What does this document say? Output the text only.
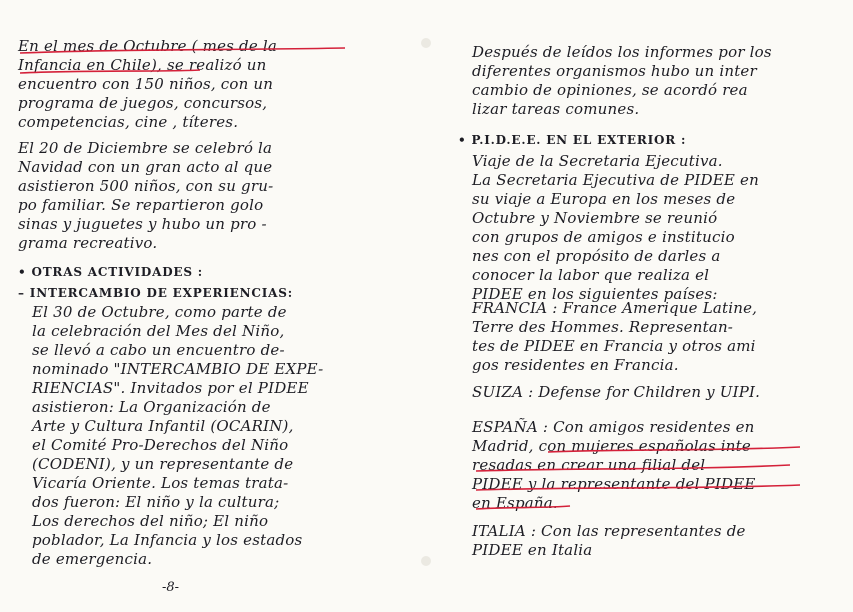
En el mes de Octubre ( mes de la
Infancia en Chile), se realizó un
encuentro con 150 niños, con un
programa de juegos, concursos,
competencias, cine , títeres.
El 20 de Diciembre se celebró la
Navidad con un gran acto al que
asistieron 500 niños, con su gru-
po familiar. Se repartieron golo
sinas y juguetes y hubo un pro -
grama recreativo.
• OTRAS ACTIVIDADES :
– INTERCAMBIO DE EXPERIENCIAS:
El 30 de Octubre, como parte de
la celebración del Mes del Niño,
se llevó a cabo un encuentro de-
nominado "INTERCAMBIO DE EXPE-
RIENCIAS". Invitados por el PIDEE
asistieron: La Organización de
Arte y Cultura Infantil (OCARIN),
el Comité Pro-Derechos del Niño
(CODENI), y un representante de
Vicaría Oriente. Los temas trata-
dos fueron: El niño y la cultura;
Los derechos del niño; El niño
poblador, La Infancia y los estados
de emergencia.
-8-
Después de leídos los informes por los
diferentes organismos hubo un inter
cambio de opiniones, se acordó rea
lizar tareas comunes.
• P.I.D.E.E. EN EL EXTERIOR :
Viaje de la Secretaria Ejecutiva.
La Secretaria Ejecutiva de PIDEE en
su viaje a Europa en los meses de
Octubre y Noviembre se reunió
con grupos de amigos e institucio
nes con el propósito de darles a
conocer la labor que realiza el
PIDEE en los siguientes países:
FRANCIA : France Amerique Latine,
Terre des Hommes. Representan-
tes de PIDEE en Francia y otros ami
gos residentes en Francia.
SUIZA : Defense for Children y UIPI.
ESPAÑA : Con amigos residentes en
Madrid, con mujeres españolas inte
resadas en crear una filial del
PIDEE y la representante del PIDEE
en España.
ITALIA : Con las representantes de
PIDEE en Italia
